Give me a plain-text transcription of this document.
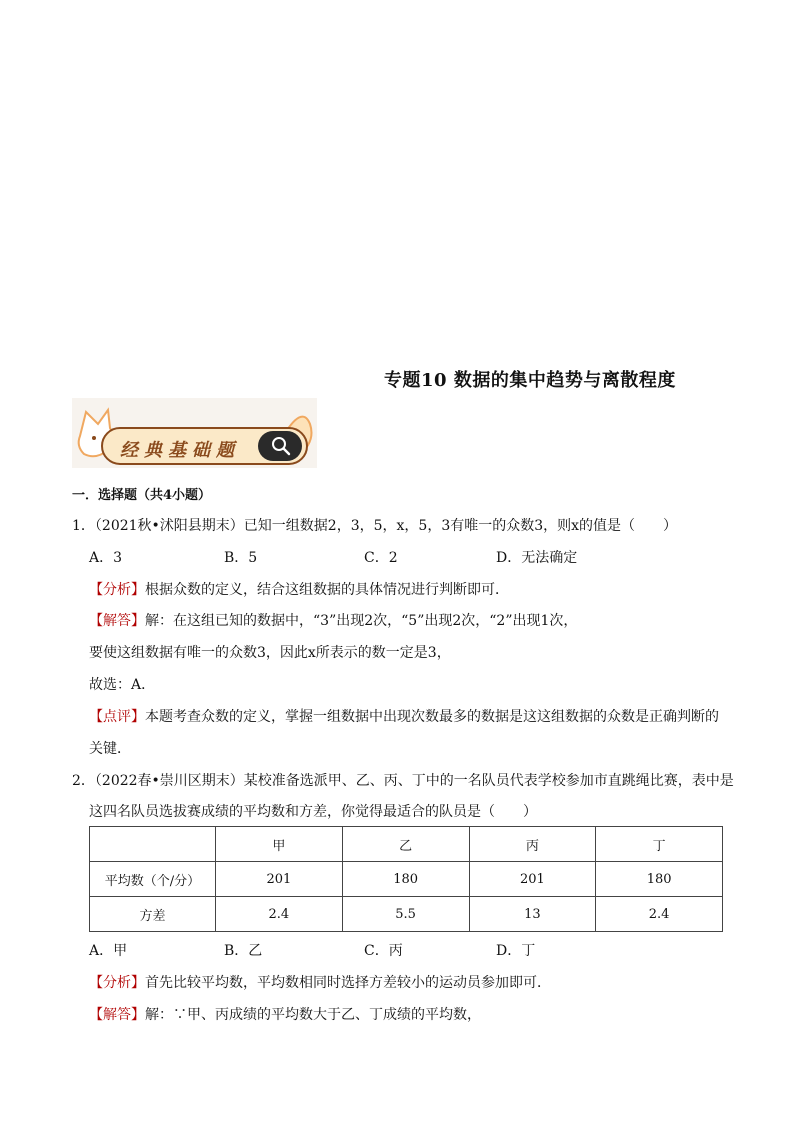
专题10 数据的集中趋势与离散程度
经典基础题
一．选择题（共4小题）
1．（2021秋•沭阳县期末）已知一组数据2，3，5，x，5，3有唯一的众数3，则x的值是（　　）
A．3	B．5	C．2	D．无法确定
【分析】根据众数的定义，结合这组数据的具体情况进行判断即可．
【解答】解：在这组已知的数据中，“3”出现2次，“5”出现2次，“2”出现1次，
要使这组数据有唯一的众数3，因此x所表示的数一定是3，
故选：A．
【点评】本题考查众数的定义，掌握一组数据中出现次数最多的数据是这这组数据的众数是正确判断的
关键．
2．（2022春•崇川区期末）某校准备选派甲、乙、丙、丁中的一名队员代表学校参加市直跳绳比赛，表中是
这四名队员选拔赛成绩的平均数和方差，你觉得最适合的队员是（　　）
	甲	乙	丙	丁
平均数（个/分）	201	180	201	180
方差	2.4	5.5	13	2.4
A．甲	B．乙	C．丙	D．丁
【分析】首先比较平均数，平均数相同时选择方差较小的运动员参加即可．
【解答】解：∵甲、丙成绩的平均数大于乙、丁成绩的平均数，
